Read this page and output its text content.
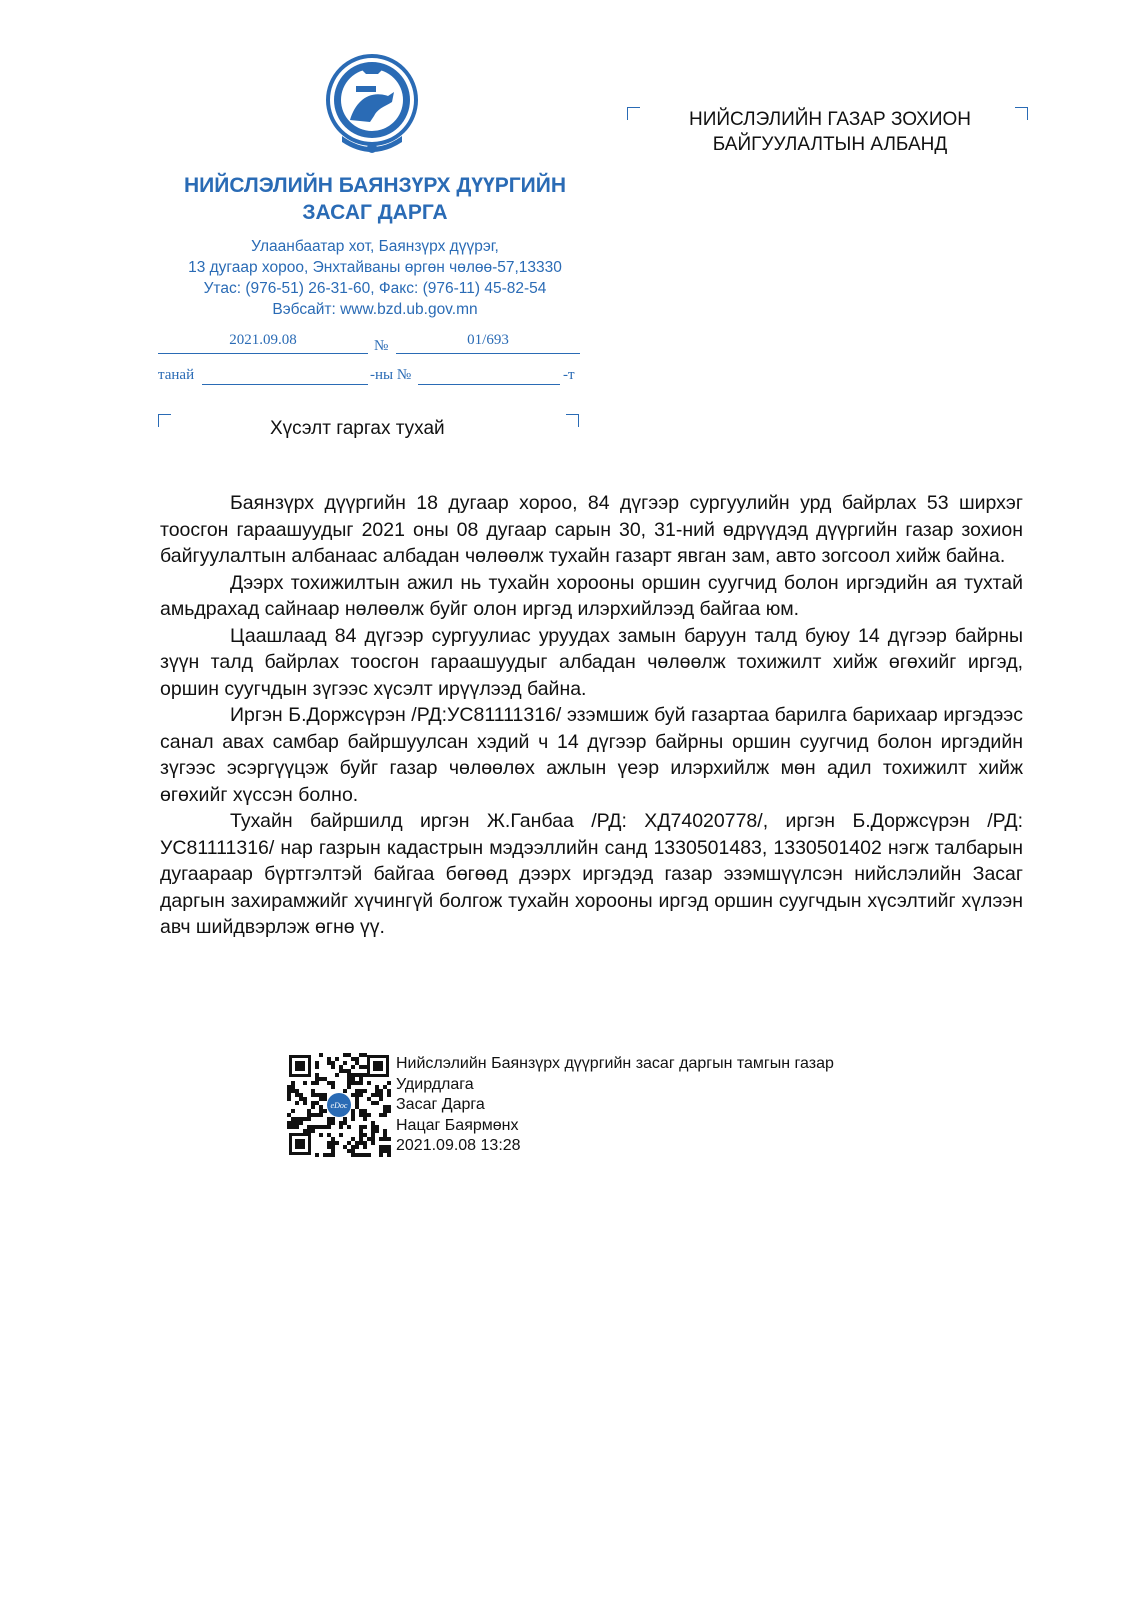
НИЙСЛЭЛИЙН БАЯНЗҮРХ ДҮҮРГИЙН
ЗАСАГ ДАРГА
Улаанбаатар хот, Баянзүрх дүүрэг,
13 дугаар хороо, Энхтайваны өргөн чөлөө-57,13330
Утас: (976-51) 26-31-60, Факс: (976-11) 45-82-54
Вэбсайт: www.bzd.ub.gov.mn
НИЙСЛЭЛИЙН ГАЗАР ЗОХИОН
БАЙГУУЛАЛТЫН АЛБАНД
2021.09.08	№	01/693
танай	-ны №	-т
Хүсэлт гаргах тухай

Баянзүрх дүүргийн 18 дугаар хороо, 84 дүгээр сургуулийн урд байрлах 53 ширхэг тоосгон гараашуудыг 2021 оны 08 дугаар сарын 30, 31-ний өдрүүдэд дүүргийн газар зохион байгуулалтын албанаас албадан чөлөөлж тухайн газарт явган зам, авто зогсоол хийж байна.

Дээрх тохижилтын ажил нь тухайн хорооны оршин суугчид болон иргэдийн ая тухтай амьдрахад сайнаар нөлөөлж буйг олон иргэд илэрхийлээд байгаа юм.

Цаашлаад 84 дүгээр сургуулиас уруудах замын баруун талд буюу 14 дүгээр байрны зүүн талд байрлах тоосгон гараашуудыг албадан чөлөөлж тохижилт хийж өгөхийг иргэд, оршин суугчдын зүгээс хүсэлт ирүүлээд байна.

Иргэн Б.Доржсүрэн /РД:УС81111316/ эзэмшиж буй газартаа барилга барихаар иргэдээс санал авах самбар байршуулсан хэдий ч 14 дүгээр байрны оршин суугчид болон иргэдийн зүгээс эсэргүүцэж буйг газар чөлөөлөх ажлын үеэр илэрхийлж мөн адил тохижилт хийж өгөхийг хүссэн болно.

Тухайн байршилд иргэн Ж.Ганбаа /РД: ХД74020778/, иргэн Б.Доржсүрэн /РД: УС81111316/ нар газрын кадастрын мэдээллийн санд 1330501483, 1330501402 нэгж талбарын дугаараар бүртгэлтэй байгаа бөгөөд дээрх иргэдэд газар эзэмшүүлсэн нийслэлийн Засаг даргын захирамжийг хүчингүй болгож тухайн хорооны иргэд оршин суугчдын хүсэлтийг хүлээн авч шийдвэрлэж өгнө үү.

eDoc
Нийслэлийн Баянзүрх дүүргийн засаг даргын тамгын газар
Удирдлага
Засаг Дарга
Нацаг Баярмөнх
2021.09.08 13:28
